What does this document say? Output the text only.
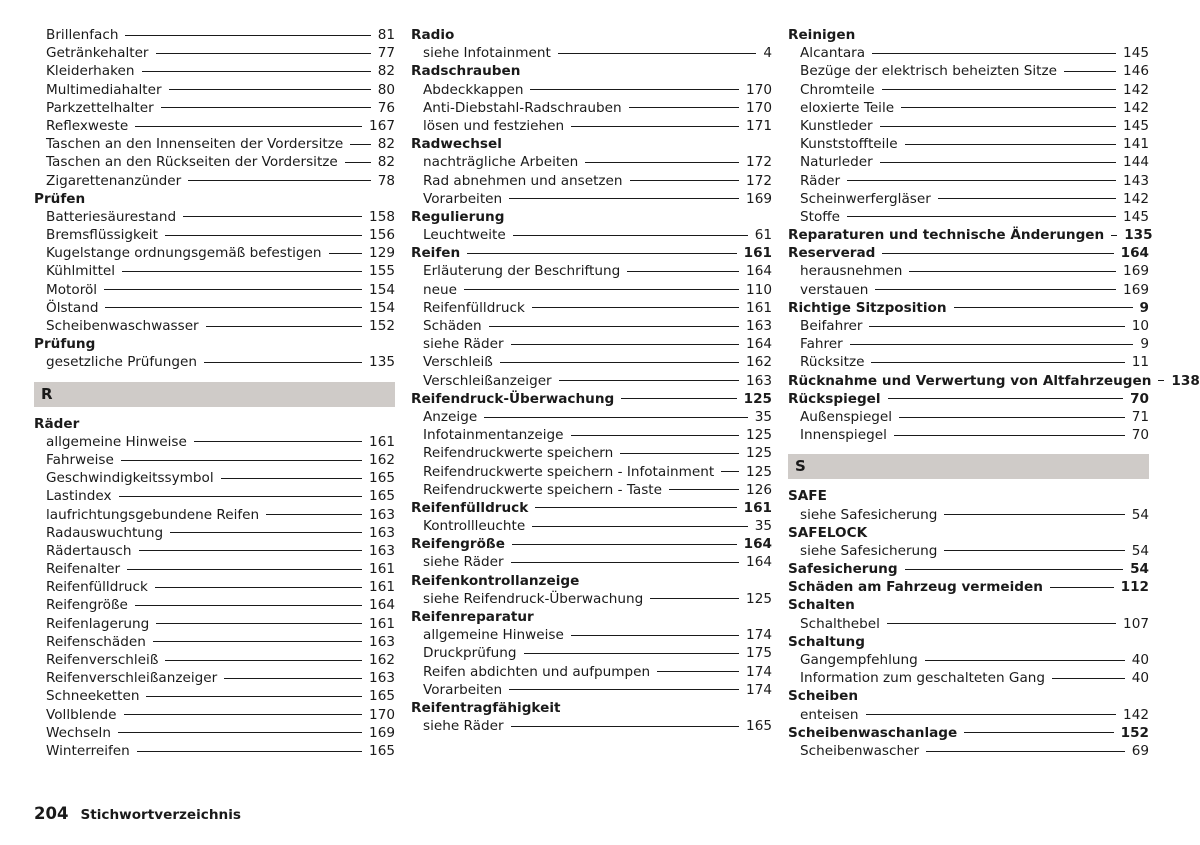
Brillenfach	81
Getränkehalter	77
Kleiderhaken	82
Multimediahalter	80
Parkzettelhalter	76
Reflexweste	167
Taschen an den Innenseiten der Vordersitze	82
Taschen an den Rückseiten der Vordersitze	82
Zigarettenanzünder	78
Prüfen
Batteriesäurestand	158
Bremsflüssigkeit	156
Kugelstange ordnungsgemäß befestigen	129
Kühlmittel	155
Motoröl	154
Ölstand	154
Scheibenwaschwasser	152
Prüfung
gesetzliche Prüfungen	135
R
Räder
allgemeine Hinweise	161
Fahrweise	162
Geschwindigkeitssymbol	165
Lastindex	165
laufrichtungsgebundene Reifen	163
Radauswuchtung	163
Rädertausch	163
Reifenalter	161
Reifenfülldruck	161
Reifengröße	164
Reifenlagerung	161
Reifenschäden	163
Reifenverschleiß	162
Reifenverschleißanzeiger	163
Schneeketten	165
Vollblende	170
Wechseln	169
Winterreifen	165
Radio
siehe Infotainment	4
Radschrauben
Abdeckkappen	170
Anti-Diebstahl-Radschrauben	170
lösen und festziehen	171
Radwechsel
nachträgliche Arbeiten	172
Rad abnehmen und ansetzen	172
Vorarbeiten	169
Regulierung
Leuchtweite	61
Reifen	161
Erläuterung der Beschriftung	164
neue	110
Reifenfülldruck	161
Schäden	163
siehe Räder	164
Verschleiß	162
Verschleißanzeiger	163
Reifendruck-Überwachung	125
Anzeige	35
Infotainmentanzeige	125
Reifendruckwerte speichern	125
Reifendruckwerte speichern - Infotainment 125
Reifendruckwerte speichern - Taste	126
Reifenfülldruck	161
Kontrollleuchte	35
Reifengröße	164
siehe Räder	164
Reifenkontrollanzeige
siehe Reifendruck-Überwachung	125
Reifenreparatur
allgemeine Hinweise	174
Druckprüfung	175
Reifen abdichten und aufpumpen	174
Vorarbeiten	174
Reifentragfähigkeit
siehe Räder	165
Reinigen
Alcantara	145
Bezüge der elektrisch beheizten Sitze	146
Chromteile	142
eloxierte Teile	142
Kunstleder	145
Kunststoffteile	141
Naturleder	144
Räder	143
Scheinwerfergläser	142
Stoffe	145
Reparaturen und technische Änderungen 135
Reserverad	164
herausnehmen	169
verstauen	169
Richtige Sitzposition	9
Beifahrer	10
Fahrer	9
Rücksitze	11
Rücknahme und Verwertung von Altfahrzeugen 138
Rückspiegel	70
Außenspiegel	71
Innenspiegel	70
S
SAFE
siehe Safesicherung	54
SAFELOCK
siehe Safesicherung	54
Safesicherung	54
Schäden am Fahrzeug vermeiden	112
Schalten
Schalthebel	107
Schaltung
Gangempfehlung	40
Information zum geschalteten Gang	40
Scheiben
enteisen	142
Scheibenwaschanlage	152
Scheibenwascher	69
204 Stichwortverzeichnis
